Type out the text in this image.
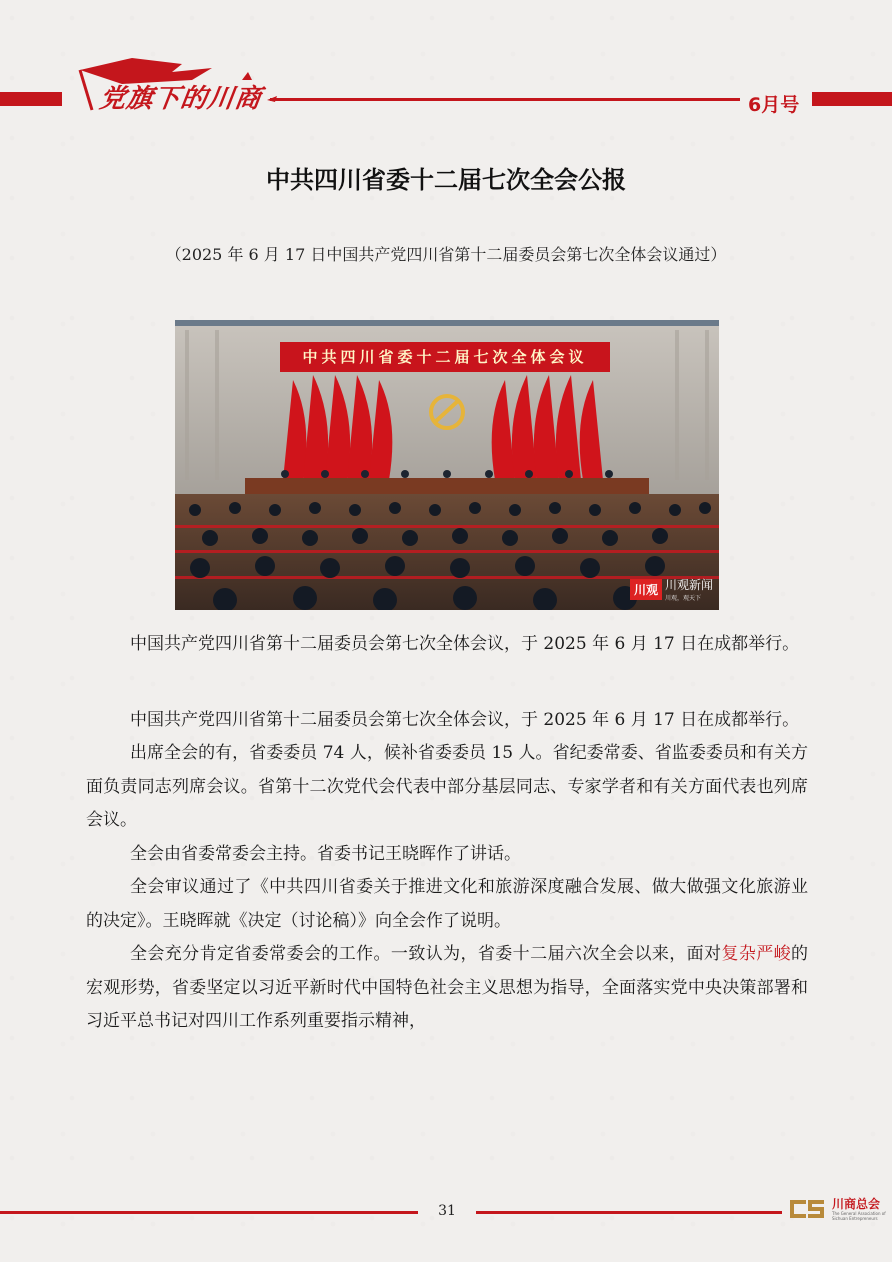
党旗下的川商	6月号
中共四川省委十二届七次全会公报
（2025 年 6 月 17 日中国共产党四川省第十二届委员会第七次全体会议通过）
中共四川省委十二届七次全体会议
川观 川观新闻
川观，观天下

中国共产党四川省第十二届委员会第七次全体会议，于 2025 年 6 月 17 日在成都举行。

中国共产党四川省第十二届委员会第七次全体会议，于 2025 年 6 月 17 日在成都举行。

出席全会的有，省委委员 74 人，候补省委委员 15 人。省纪委常委、省监委委员和有关方面负责同志列席会议。省第十二次党代会代表中部分基层同志、专家学者和有关方面代表也列席会议。

全会由省委常委会主持。省委书记王晓晖作了讲话。

全会审议通过了《中共四川省委关于推进文化和旅游深度融合发展、做大做强文化旅游业的决定》。王晓晖就《决定（讨论稿）》向全会作了说明。

全会充分肯定省委常委会的工作。一致认为，省委十二届六次全会以来，面对复杂严峻的宏观形势，省委坚定以习近平新时代中国特色社会主义思想为指导，全面落实党中央决策部署和习近平总书记对四川工作系列重要指示精神，

31	川商总会
The General Association of Sichuan Entrepreneurs
